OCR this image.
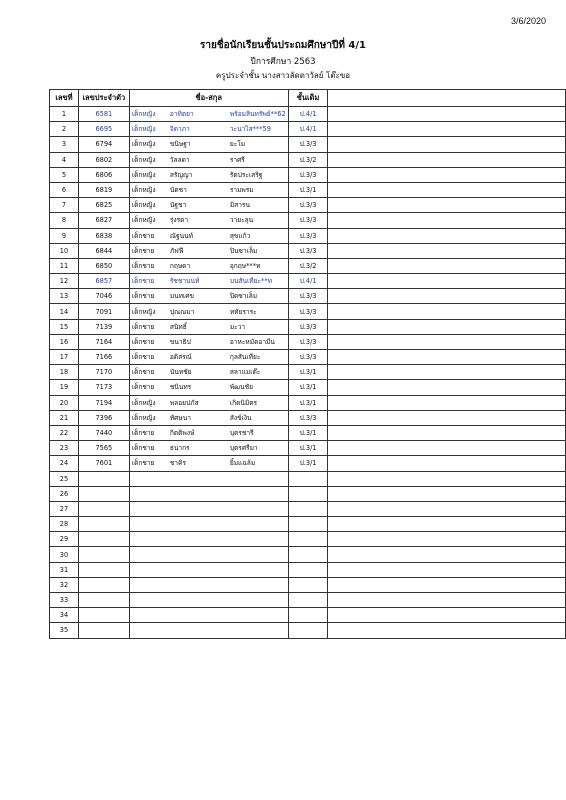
3/6/2020
รายชื่อนักเรียนชั้นประถมศึกษาปีที่ 4/1
ปีการศึกษา 2563
ครูประจำชั้น นางสาวลัดดาวัลย์ โต๊ะขอ
เลขที่	เลขประจำตัว	ชื่อ-สกุล	ชั้นเดิม	
1	6581	เด็กหญิง อาทิตยา พร้อมสินทรัพย์**62	ป.4/1	
2	6695	เด็กหญิง จิดาภา วะนาไส***59	ป.4/1	
3	6794	เด็กหญิง ขนิษฐา ยะโม	ป.3/3	
4	6802	เด็กหญิง วัลลดา ราศรี	ป.3/2	
5	6806	เด็กหญิง สรัญญา รัตประเสริฐ	ป.3/3	
6	6819	เด็กหญิง นัดชา รามพรม	ป.3/1	
7	6825	เด็กหญิง นัฐชา มิสารน	ป.3/3	
8	6827	เด็กหญิง รุ่งรดา วายะลุน	ป.3/3	
9	6838	เด็กชาย ณัฐนนท์ สุขแก้ว	ป.3/3	
10	6844	เด็กชาย ภัฟฟี ปินซาเล็ม	ป.3/3	
11	6850	เด็กชาย กฤษดา อุกฤษ***ท	ป.3/2	
12	6857	เด็กชาย รัชชานนท์ บนสันเทียะ**ท	ป.4/1	
13	7046	เด็กชาย มนทเศข ปิดซาเล็ม	ป.3/3	
14	7091	เด็กหญิง ปุณณมา หทัยราระ	ป.3/3	
15	7139	เด็กชาย สนิทธิ์ มะวา	ป.3/3	
16	7164	เด็กชาย ขนาธิป อาหะหมัดอามีน	ป.3/3	
17	7166	เด็กชาย อดิสรณ์ กุลสันเทียะ	ป.3/3	
18	7170	เด็กชาย นันทชัย สลาแมเต๊ะ	ป.3/1	
19	7173	เด็กชาย ชนินทร พัฒนชัย	ป.3/1	
20	7194	เด็กหญิง พลอยปภัส เกิดนิมิตร	ป.3/1	
21	7396	เด็กหญิง ทัศษนา สังข์เงิน	ป.3/3	
22	7440	เด็กชาย กิตติพงษ์ บุตรชารี	ป.3/1	
23	7565	เด็กชาย ธนากร บุตรศรีมา	ป.3/1	
24	7601	เด็กชาย ชาคิร ยิ้มแฉล้ม	ป.3/1	
25				
26				
27				
28				
29				
30				
31				
32				
33				
34				
35				
